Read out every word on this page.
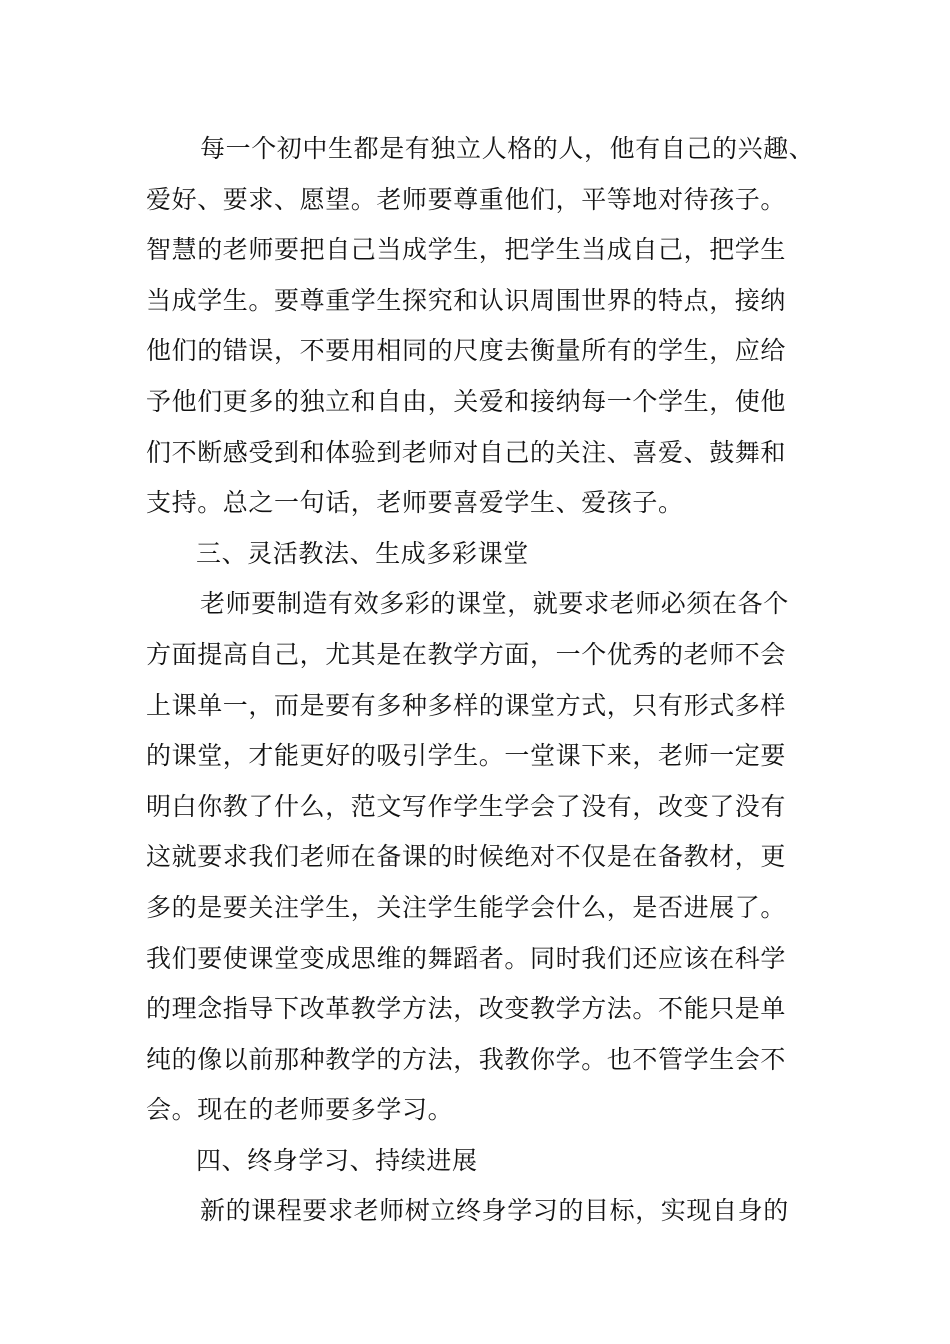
每一个初中生都是有独立人格的人，他有自己的兴趣、
爱好、要求、愿望。老师要尊重他们，平等地对待孩子。
智慧的老师要把自己当成学生，把学生当成自己，把学生
当成学生。要尊重学生探究和认识周围世界的特点，接纳
他们的错误，不要用相同的尺度去衡量所有的学生，应给
予他们更多的独立和自由，关爱和接纳每一个学生，使他
们不断感受到和体验到老师对自己的关注、喜爱、鼓舞和
支持。总之一句话，老师要喜爱学生、爱孩子。
三、灵活教法、生成多彩课堂
老师要制造有效多彩的课堂，就要求老师必须在各个
方面提高自己，尤其是在教学方面，一个优秀的老师不会
上课单一，而是要有多种多样的课堂方式，只有形式多样
的课堂，才能更好的吸引学生。一堂课下来，老师一定要
明白你教了什么，范文写作学生学会了没有，改变了没有
这就要求我们老师在备课的时候绝对不仅是在备教材，更
多的是要关注学生，关注学生能学会什么，是否进展了。
我们要使课堂变成思维的舞蹈者。同时我们还应该在科学
的理念指导下改革教学方法，改变教学方法。不能只是单
纯的像以前那种教学的方法，我教你学。也不管学生会不
会。现在的老师要多学习。
四、终身学习、持续进展
新的课程要求老师树立终身学习的目标，实现自身的
